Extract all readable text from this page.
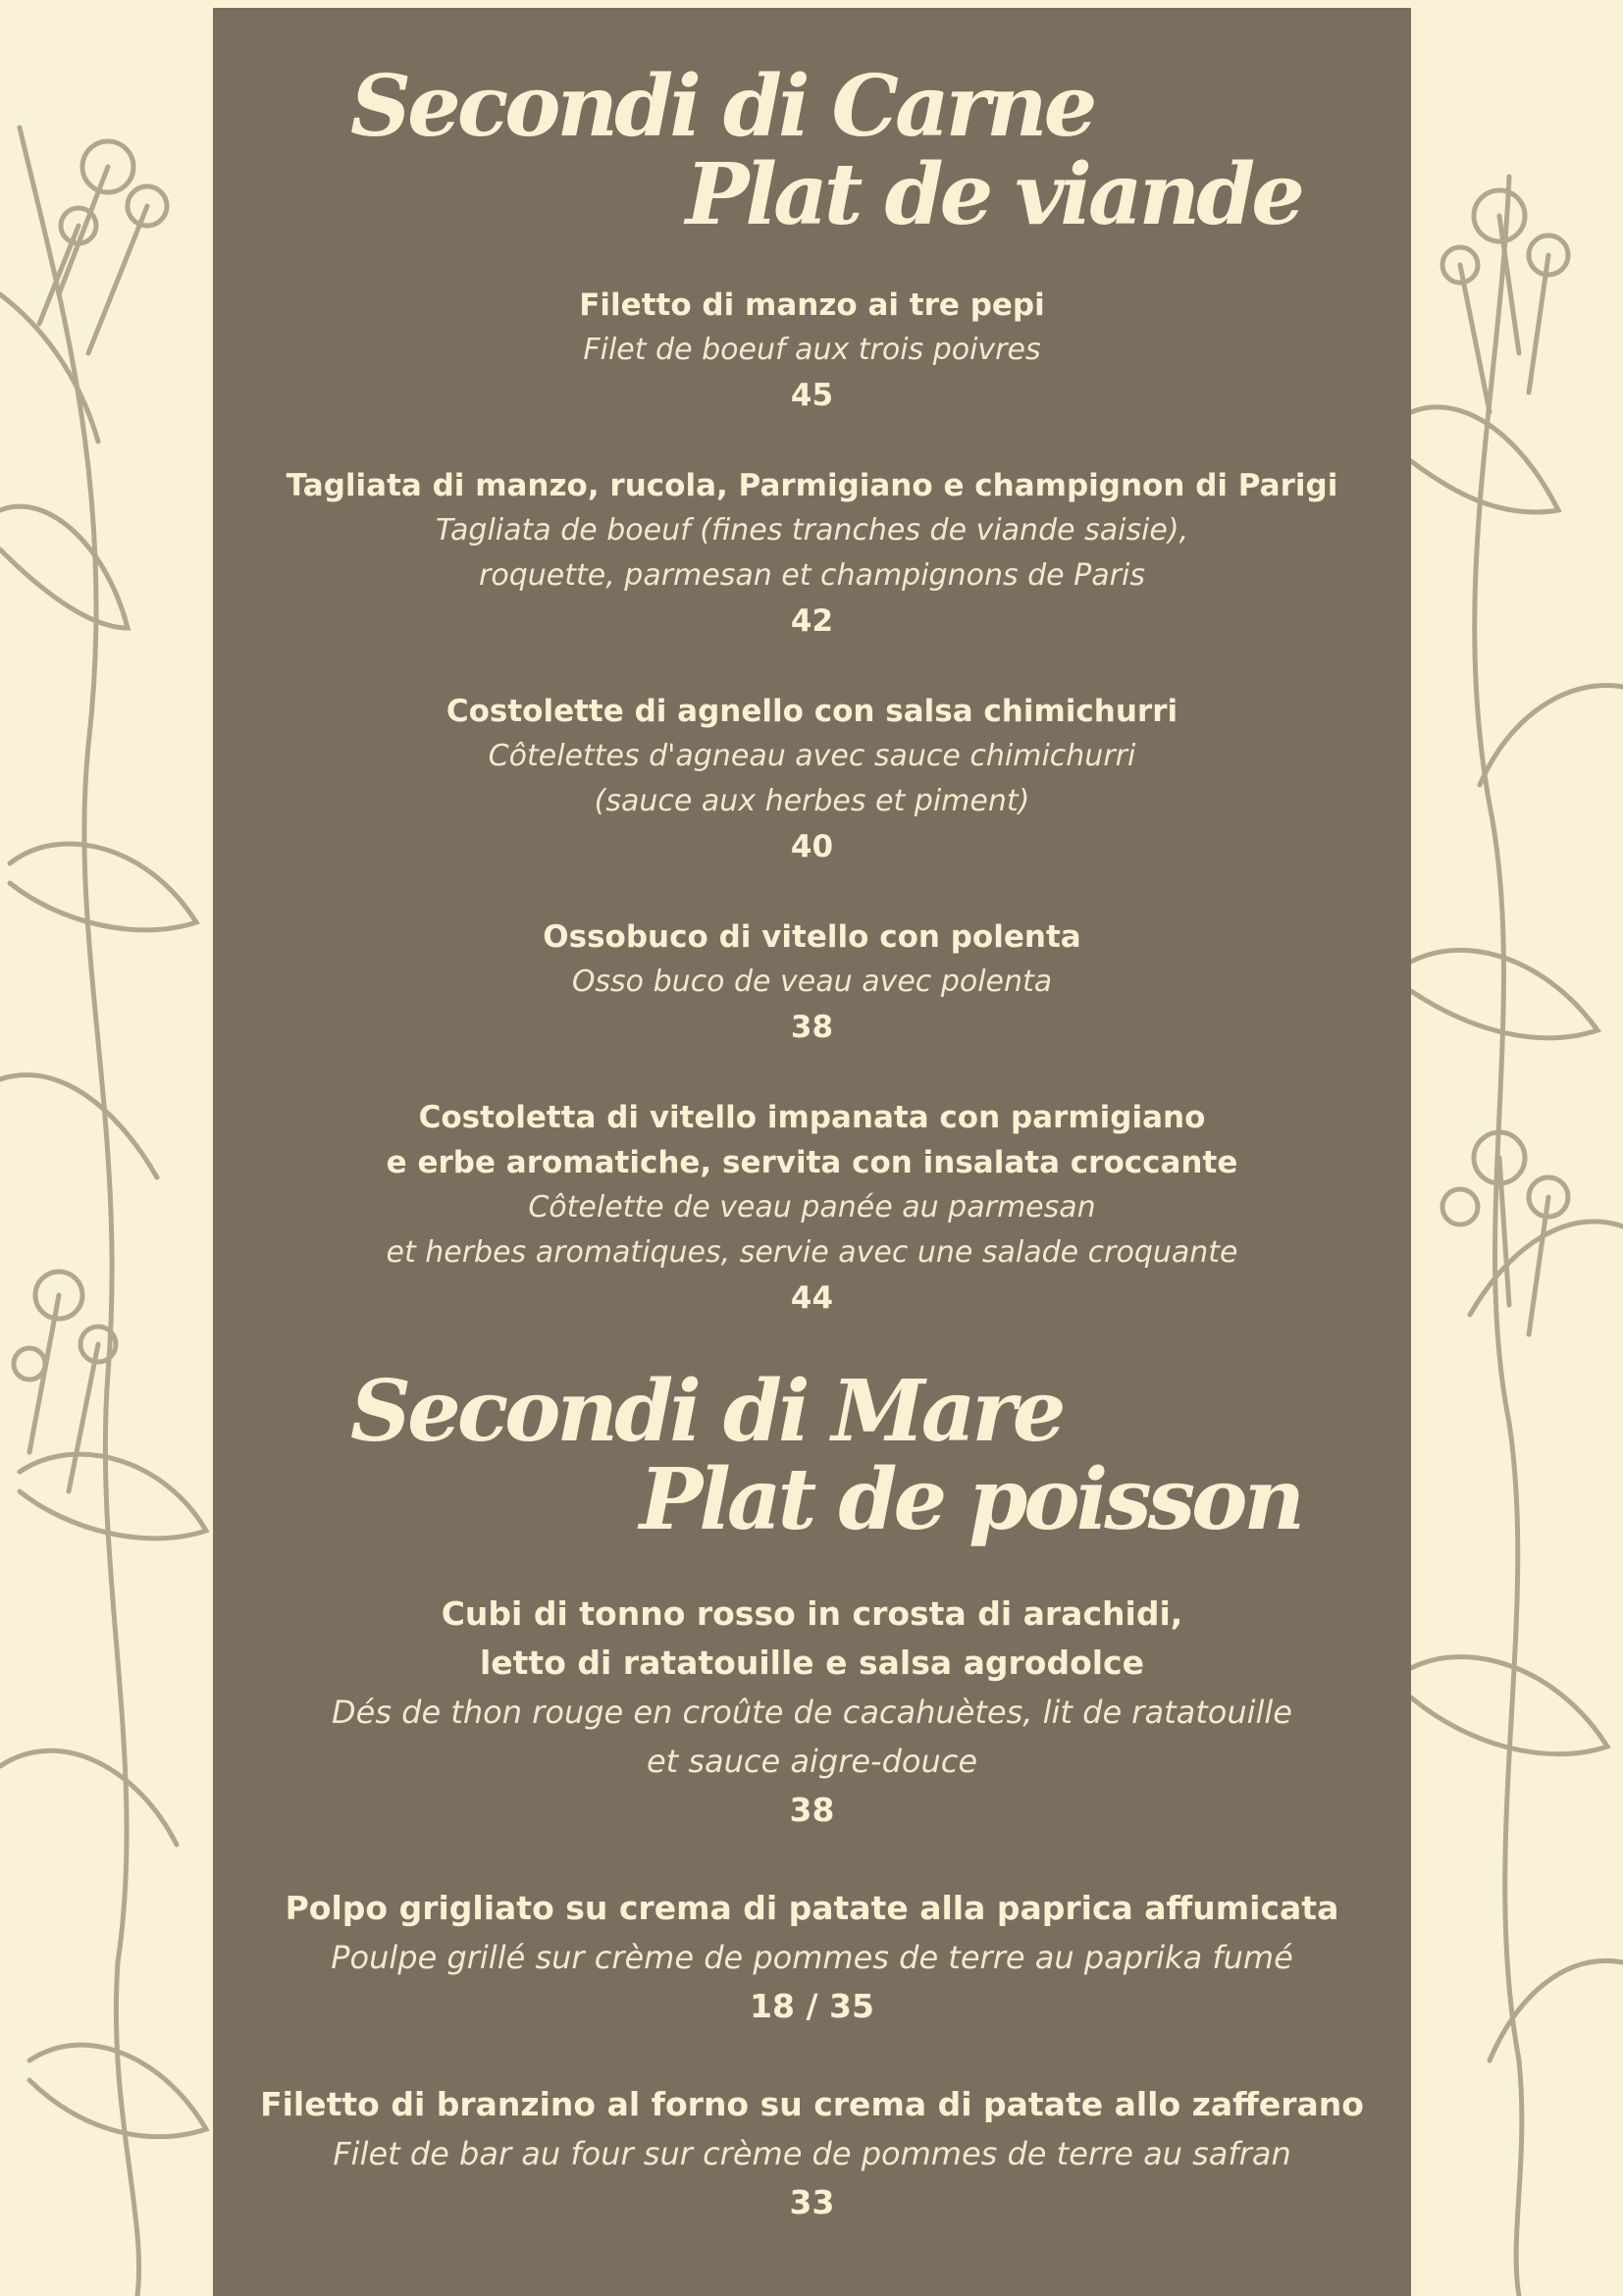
Secondi di Carne
Plat de viande
Filetto di manzo ai tre pepi
Filet de boeuf aux trois poivres
45
Tagliata di manzo, rucola, Parmigiano e champignon di Parigi
Tagliata de boeuf (fines tranches de viande saisie),
roquette, parmesan et champignons de Paris
42
Costolette di agnello con salsa chimichurri
Côtelettes d'agneau avec sauce chimichurri
(sauce aux herbes et piment)
40
Ossobuco di vitello con polenta
Osso buco de veau avec polenta
38
Costoletta di vitello impanata con parmigiano
e erbe aromatiche, servita con insalata croccante
Côtelette de veau panée au parmesan
et herbes aromatiques, servie avec une salade croquante
44
Secondi di Mare
Plat de poisson
Cubi di tonno rosso in crosta di arachidi,
letto di ratatouille e salsa agrodolce
Dés de thon rouge en croûte de cacahuètes, lit de ratatouille
et sauce aigre-douce
38
Polpo grigliato su crema di patate alla paprica affumicata
Poulpe grillé sur crème de pommes de terre au paprika fumé
18 / 35
Filetto di branzino al forno su crema di patate allo zafferano
Filet de bar au four sur crème de pommes de terre au safran
33
